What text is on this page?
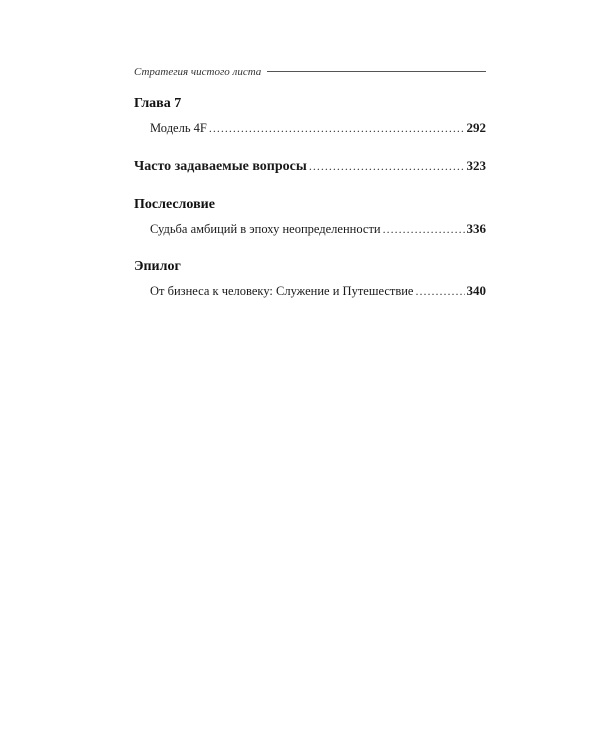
Стратегия чистого листа
Глава 7
Модель 4F .....	292
Часто задаваемые вопросы .....	323
Послесловие
Судьба амбиций в эпоху неопределенности .....	336
Эпилог
От бизнеса к человеку: Служение и Путешествие .....	340
